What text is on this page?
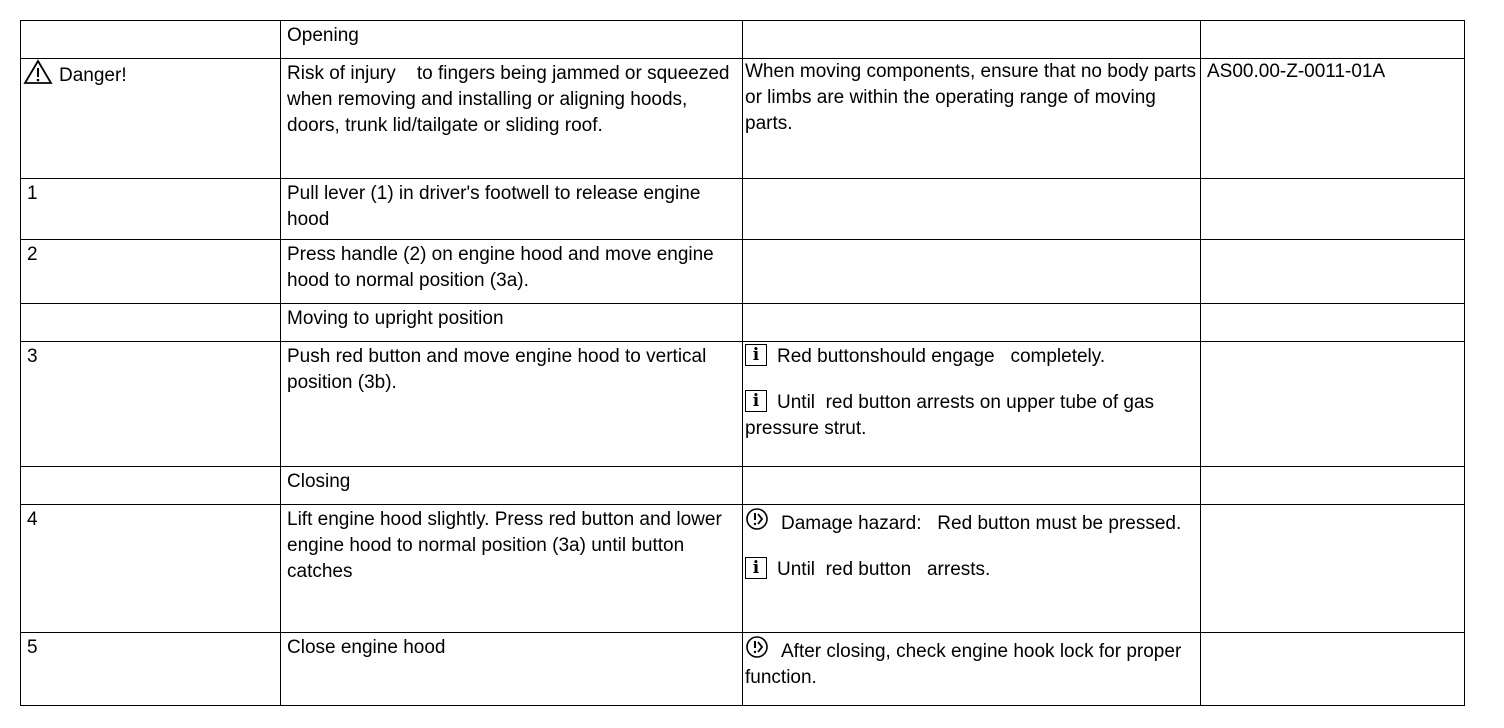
	Opening		
Danger!	Risk of injury    to fingers being jammed or squeezed    when removing and installing or aligning hoods, doors, trunk lid/tailgate or sliding roof.	When moving components, ensure that no body parts or limbs are within the operating range of moving parts.	AS00.00-Z-0011-01A
1	Pull lever (1) in driver's footwell to release engine hood		
2	Press handle (2) on engine hood and move engine hood to normal position (3a).		
	Moving to upright position		
3	Push red button and move engine hood to vertical position (3b).	i Red buttonshould engage   completely.
i Until  red button arrests on upper tube of gas pressure strut.	

	Closing		
4	Lift engine hood slightly. Press red button and lower engine hood to normal position (3a) until button catches	Damage hazard:   Red button must be pressed.
i Until  red button   arrests.	

5	Close engine hood	After closing, check engine hook lock for proper function.	
